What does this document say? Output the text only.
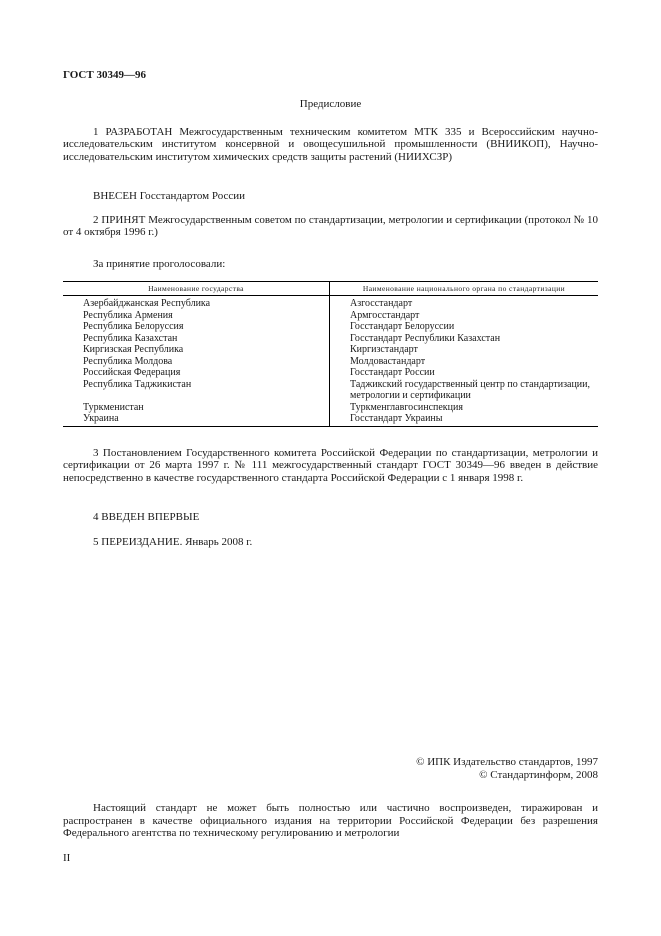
ГОСТ 30349—96
Предисловие
1 РАЗРАБОТАН Межгосударственным техническим комитетом МТК 335 и Всероссийским научно-исследовательским институтом консервной и овощесушильной промышленности (ВНИИКОП), Научно-исследовательским институтом химических средств защиты растений (НИИХСЗР)
ВНЕСЕН Госстандартом России
2 ПРИНЯТ Межгосударственным советом по стандартизации, метрологии и сертификации (протокол № 10 от 4 октября 1996 г.)
За принятие проголосовали:
Наименование государства	Наименование национального органа по стандартизации
Азербайджанская Республика	Азгосстандарт
Республика Армения	Армгосстандарт
Республика Белоруссия	Госстандарт Белоруссии
Республика Казахстан	Госстандарт Республики Казахстан
Киргизская Республика	Киргизстандарт
Республика Молдова	Молдовастандарт
Российская Федерация	Госстандарт России
Республика Таджикистан	Таджикский государственный центр по стандартизации, метрологии и сертификации
Туркменистан	Туркменглавгосинспекция
Украина	Госстандарт Украины
3 Постановлением Государственного комитета Российской Федерации по стандартизации, метрологии и сертификации от 26 марта 1997 г. № 111 межгосударственный стандарт ГОСТ 30349—96 введен в действие непосредственно в качестве государственного стандарта Российской Федерации с 1 января 1998 г.
4 ВВЕДЕН ВПЕРВЫЕ
5 ПЕРЕИЗДАНИЕ. Январь 2008 г.
© ИПК Издательство стандартов, 1997
© Стандартинформ, 2008
Настоящий стандарт не может быть полностью или частично воспроизведен, тиражирован и распространен в качестве официального издания на территории Российской Федерации без разрешения Федерального агентства по техническому регулированию и метрологии
II
